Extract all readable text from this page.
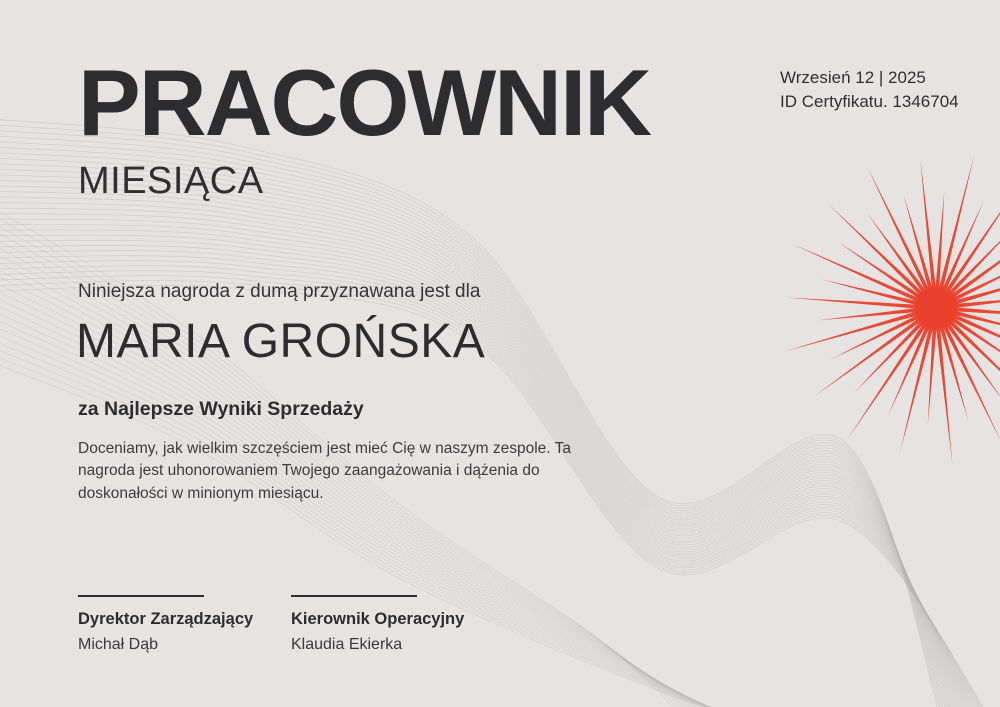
PRACOWNIK
MIESIĄCA
Wrzesień 12 | 2025
ID Certyfikatu. 1346704
Niniejsza nagroda z dumą przyznawana jest dla
MARIA GROŃSKA
za Najlepsze Wyniki Sprzedaży
Doceniamy, jak wielkim szczęściem jest mieć Cię w naszym zespole. Ta nagroda jest uhonorowaniem Twojego zaangażowania i dążenia do doskonałości w minionym miesiącu.
Dyrektor Zarządzający
Michał Dąb
Kierownik Operacyjny
Klaudia Ekierka
